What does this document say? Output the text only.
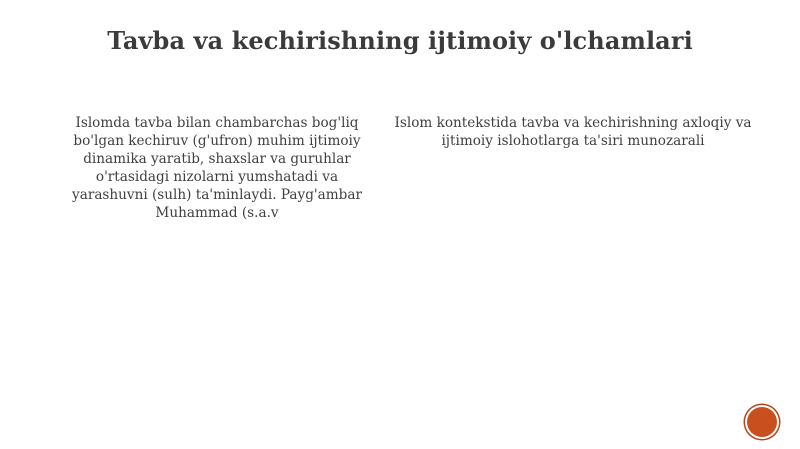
Tavba va kechirishning ijtimoiy o'lchamlari
Islomda tavba bilan chambarchas bog'liq bo'lgan kechiruv (g'ufron) muhim ijtimoiy dinamika yaratib, shaxslar va guruhlar o'rtasidagi nizolarni yumshatadi va yarashuvni (sulh) ta'minlaydi. Payg'ambar Muhammad (s.a.v
Islom kontekstida tavba va kechirishning axloqiy va ijtimoiy islohotlarga ta'siri munozarali
